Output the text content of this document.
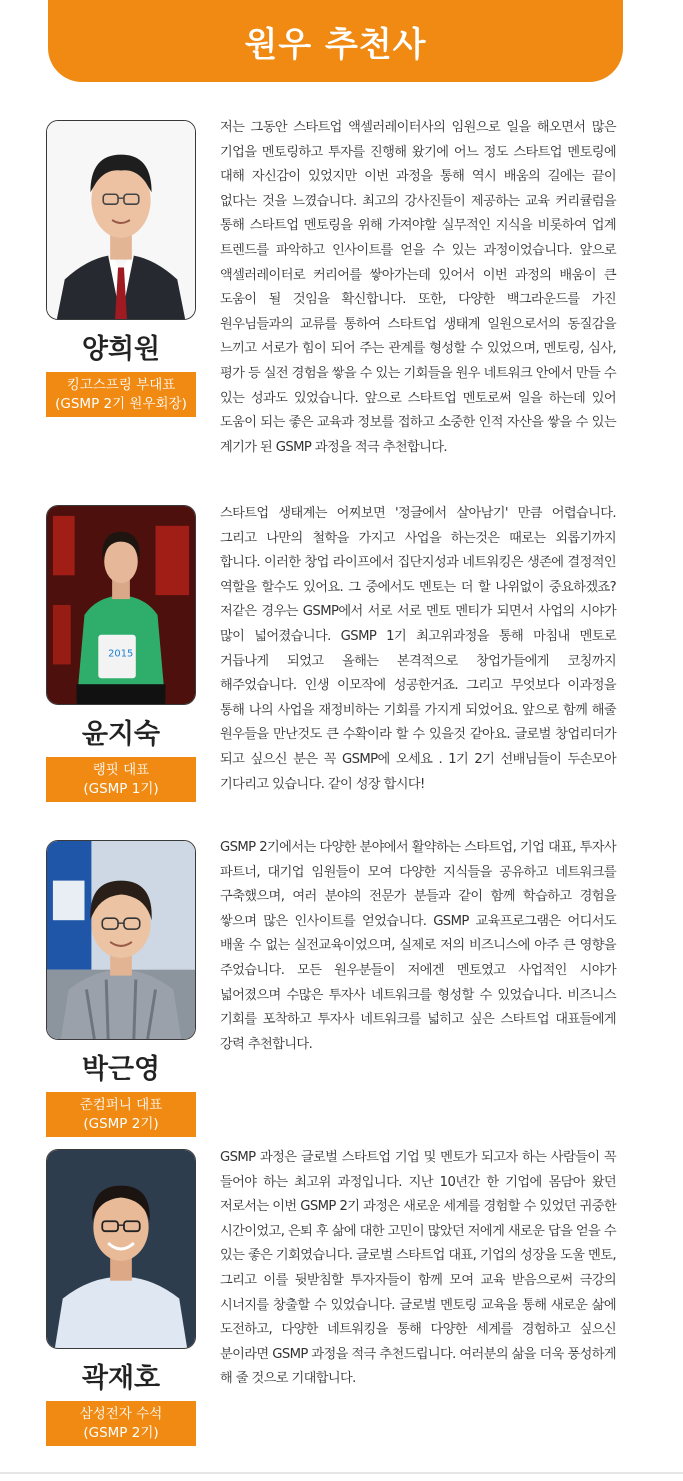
원우 추천사
양희원
킹고스프링 부대표
(GSMP 2기 원우회장)
저는 그동안 스타트업 액셀러레이터사의 임원으로 일을 해오면서 많은 기업을 멘토링하고 투자를 진행해 왔기에 어느 정도 스타트업 멘토링에 대해 자신감이 있었지만 이번 과정을 통해 역시 배움의 길에는 끝이 없다는 것을 느꼈습니다. 최고의 강사진들이 제공하는 교육 커리큘럼을 통해 스타트업 멘토링을 위해 가져야할 실무적인 지식을 비롯하여 업계 트렌드를 파악하고 인사이트를 얻을 수 있는 과정이었습니다. 앞으로 액셀러레이터로 커리어를 쌓아가는데 있어서 이번 과정의 배움이 큰 도움이 될 것임을 확신합니다. 또한, 다양한 백그라운드를 가진 원우님들과의 교류를 통하여 스타트업 생태계 일원으로서의 동질감을 느끼고 서로가 힘이 되어 주는 관계를 형성할 수 있었으며, 멘토링, 심사, 평가 등 실전 경험을 쌓을 수 있는 기회들을 원우 네트워크 안에서 만들 수 있는 성과도 있었습니다. 앞으로 스타트업 멘토로써 일을 하는데 있어 도움이 되는 좋은 교육과 정보를 접하고 소중한 인적 자산을 쌓을 수 있는 계기가 된 GSMP 과정을 적극 추천합니다.
2015
윤지숙
랭핏 대표
(GSMP 1기)
스타트업 생태계는 어찌보면 '정글에서 살아남기' 만큼 어렵습니다. 그리고 나만의 철학을 가지고 사업을 하는것은 때로는 외롭기까지 합니다. 이러한 창업 라이프에서 집단지성과 네트워킹은 생존에 결정적인 역할을 할수도 있어요. 그 중에서도 멘토는 더 할 나위없이 중요하겠죠? 저같은 경우는 GSMP에서 서로 서로 멘토 멘티가 되면서 사업의 시야가 많이 넓어졌습니다. GSMP 1기 최고위과정을 통해 마침내 멘토로 거듭나게 되었고 올해는 본격적으로 창업가들에게 코칭까지 해주었습니다. 인생 이모작에 성공한거죠. 그리고 무엇보다 이과정을 통해 나의 사업을 재정비하는 기회를 가지게 되었어요. 앞으로 함께 해줄 원우들을 만난것도 큰 수확이라 할 수 있을것 같아요. 글로벌 창업리더가 되고 싶으신 분은 꼭 GSMP에 오세요 . 1기 2기 선배님들이 두손모아 기다리고 있습니다. 같이 성장 합시다!
박근영
준컴퍼니 대표
(GSMP 2기)
GSMP 2기에서는 다양한 분야에서 활약하는 스타트업, 기업 대표, 투자사 파트너, 대기업 임원들이 모여 다양한 지식들을 공유하고 네트워크를 구축했으며, 여러 분야의 전문가 분들과 같이 함께 학습하고 경험을 쌓으며 많은 인사이트를 얻었습니다. GSMP 교육프로그램은 어디서도 배울 수 없는 실전교육이었으며, 실제로 저의 비즈니스에 아주 큰 영향을 주었습니다. 모든 원우분들이 저에겐 멘토였고 사업적인 시야가 넓어졌으며 수많은 투자사 네트워크를 형성할 수 있었습니다. 비즈니스 기회를 포착하고 투자사 네트워크를 넓히고 싶은 스타트업 대표들에게 강력 추천합니다.
곽재호
삼성전자 수석
(GSMP 2기)
GSMP 과정은 글로벌 스타트업 기업 및 멘토가 되고자 하는 사람들이 꼭 들어야 하는 최고위 과정입니다. 지난 10년간 한 기업에 몸담아 왔던 저로서는 이번 GSMP 2기 과정은 새로운 세계를 경험할 수 있었던 귀중한 시간이었고, 은퇴 후 삶에 대한 고민이 많았던 저에게 새로운 답을 얻을 수 있는 좋은 기회였습니다. 글로벌 스타트업 대표, 기업의 성장을 도울 멘토, 그리고 이를 뒷받침할 투자자들이 함께 모여 교육 받음으로써 극강의 시너지를 창출할 수 있었습니다. 글로벌 멘토링 교육을 통해 새로운 삶에 도전하고, 다양한 네트워킹을 통해 다양한 세계를 경험하고 싶으신 분이라면 GSMP 과정을 적극 추천드립니다. 여러분의 삶을 더욱 풍성하게 해 줄 것으로 기대합니다.
